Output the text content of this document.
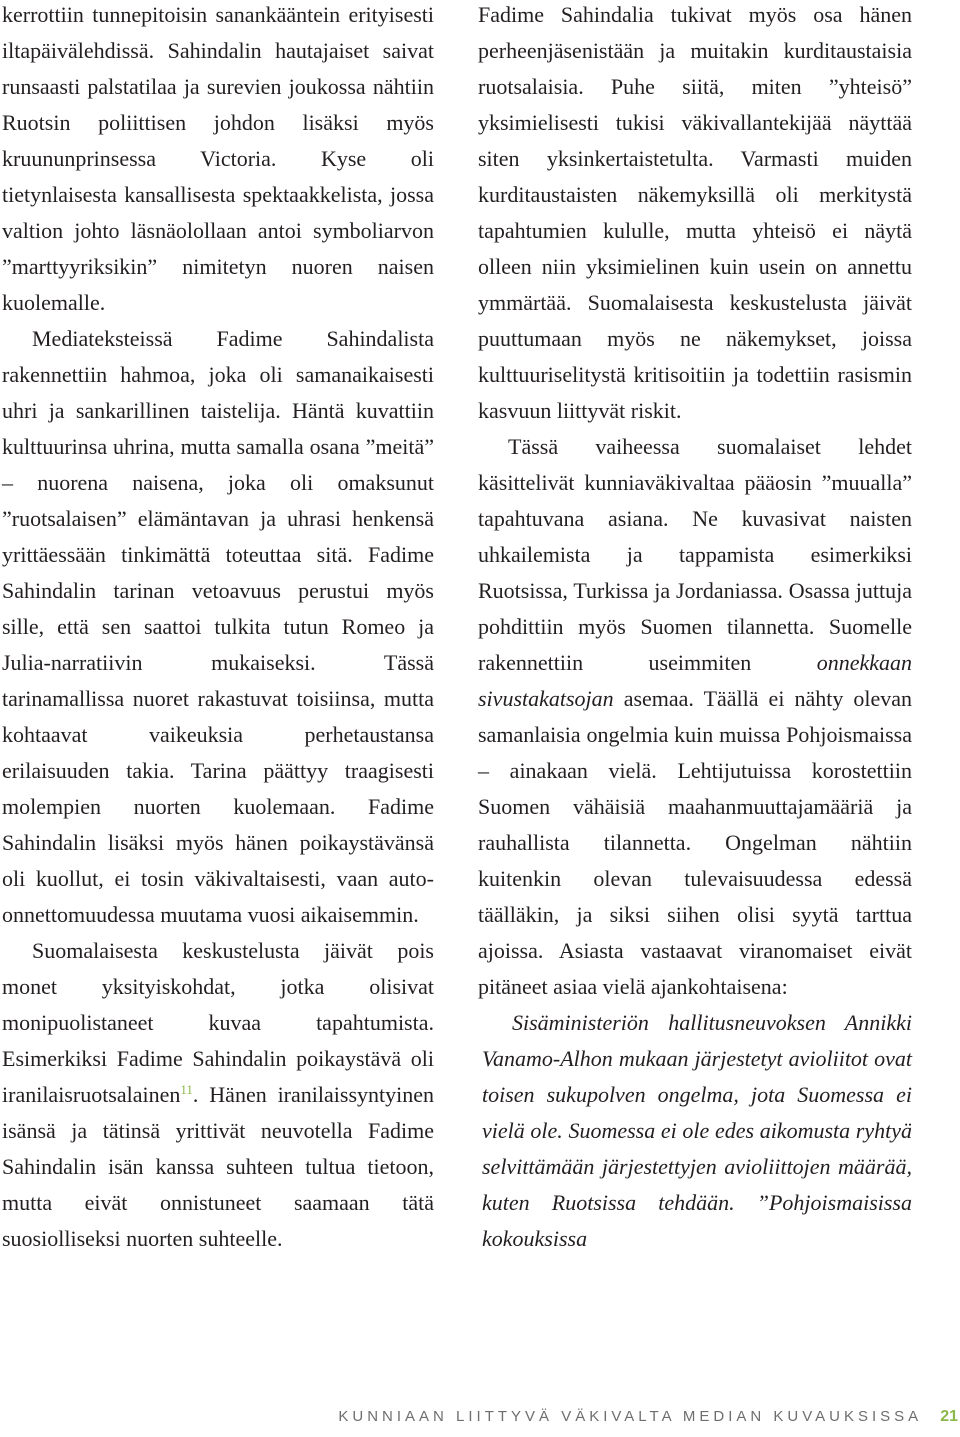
kerrottiin tunnepitoisin sanankääntein erityisesti iltapäivälehdissä. Sahindalin hautajaiset saivat runsaasti palstatilaa ja surevien joukossa nähtiin Ruotsin poliittisen johdon lisäksi myös kruununprinsessa Victoria. Kyse oli tietynlaisesta kansallisesta spektaakkelista, jossa valtion johto läsnäolollaan antoi symboliarvon ”marttyyriksikin” nimitetyn nuoren naisen kuolemalle.

Mediateksteissä Fadime Sahindalista rakennettiin hahmoa, joka oli samanaikaisesti uhri ja sankarillinen taistelija. Häntä kuvattiin kulttuurinsa uhrina, mutta samalla osana ”meitä” – nuorena naisena, joka oli omaksunut ”ruotsalaisen” elämäntavan ja uhrasi henkensä yrittäessään tinkimättä toteuttaa sitä. Fadime Sahindalin tarinan vetoavuus perustui myös sille, että sen saattoi tulkita tutun Romeo ja Julia-narratiivin mukaiseksi. Tässä tarinamallissa nuoret rakastuvat toisiinsa, mutta kohtaavat vaikeuksia perhetaustansa erilaisuuden takia. Tarina päättyy traagisesti molempien nuorten kuolemaan. Fadime Sahindalin lisäksi myös hänen poikaystävänsä oli kuollut, ei tosin väkivaltaisesti, vaan auto-onnettomuudessa muutama vuosi aikaisemmin.

Suomalaisesta keskustelusta jäivät pois monet yksityiskohdat, jotka olisivat monipuolistaneet kuvaa tapahtumista. Esimerkiksi Fadime Sahindalin poikaystävä oli iranilaisruotsalainen$^{11}$. Hänen iranilaissyntyinen isänsä ja tätinsä yrittivät neuvotella Fadime Sahindalin isän kanssa suhteen tultua tietoon, mutta eivät onnistuneet saamaan tätä suosiolliseksi nuorten suhteelle.

Fadime Sahindalia tukivat myös osa hänen perheenjäsenistään ja muitakin kurditaustaisia ruotsalaisia. Puhe siitä, miten ”yhteisö” yksimielisesti tukisi väkivallantekijää näyttää siten yksinkertaistetulta. Varmasti muiden kurditaustaisten näkemyksillä oli merkitystä tapahtumien kululle, mutta yhteisö ei näytä olleen niin yksimielinen kuin usein on annettu ymmärtää. Suomalaisesta keskustelusta jäivät puuttumaan myös ne näkemykset, joissa kulttuuriselitystä kritisoitiin ja todettiin rasismin kasvuun liittyvät riskit.

Tässä vaiheessa suomalaiset lehdet käsittelivät kunniaväkivaltaa pääosin ”muualla” tapahtuvana asiana. Ne kuvasivat naisten uhkailemista ja tappamista esimerkiksi Ruotsissa, Turkissa ja Jordaniassa. Osassa juttuja pohdittiin myös Suomen tilannetta. Suomelle rakennettiin useimmiten onnekkaan sivustakatsojan asemaa. Täällä ei nähty olevan samanlaisia ongelmia kuin muissa Pohjoismaissa – ainakaan vielä. Lehtijutuissa korostettiin Suomen vähäisiä maahanmuuttajamääriä ja rauhallista tilannetta. Ongelman nähtiin kuitenkin olevan tulevaisuudessa edessä täälläkin, ja siksi siihen olisi syytä tarttua ajoissa. Asiasta vastaavat viranomaiset eivät pitäneet asiaa vielä ajankohtaisena:

Sisäministeriön hallitusneuvoksen Annikki Vanamo-Alhon mukaan järjestetyt avioliitot ovat toisen sukupolven ongelma, jota Suomessa ei vielä ole. Suomessa ei ole edes aikomusta ryhtyä selvittämään järjestettyjen avioliittojen määrää, kuten Ruotsissa tehdään. ”Pohjoismaisissa kokouksissa

KUNNIAAN LIITTYVÄ VÄKIVALTA MEDIAN KUVAUKSISSA 21
